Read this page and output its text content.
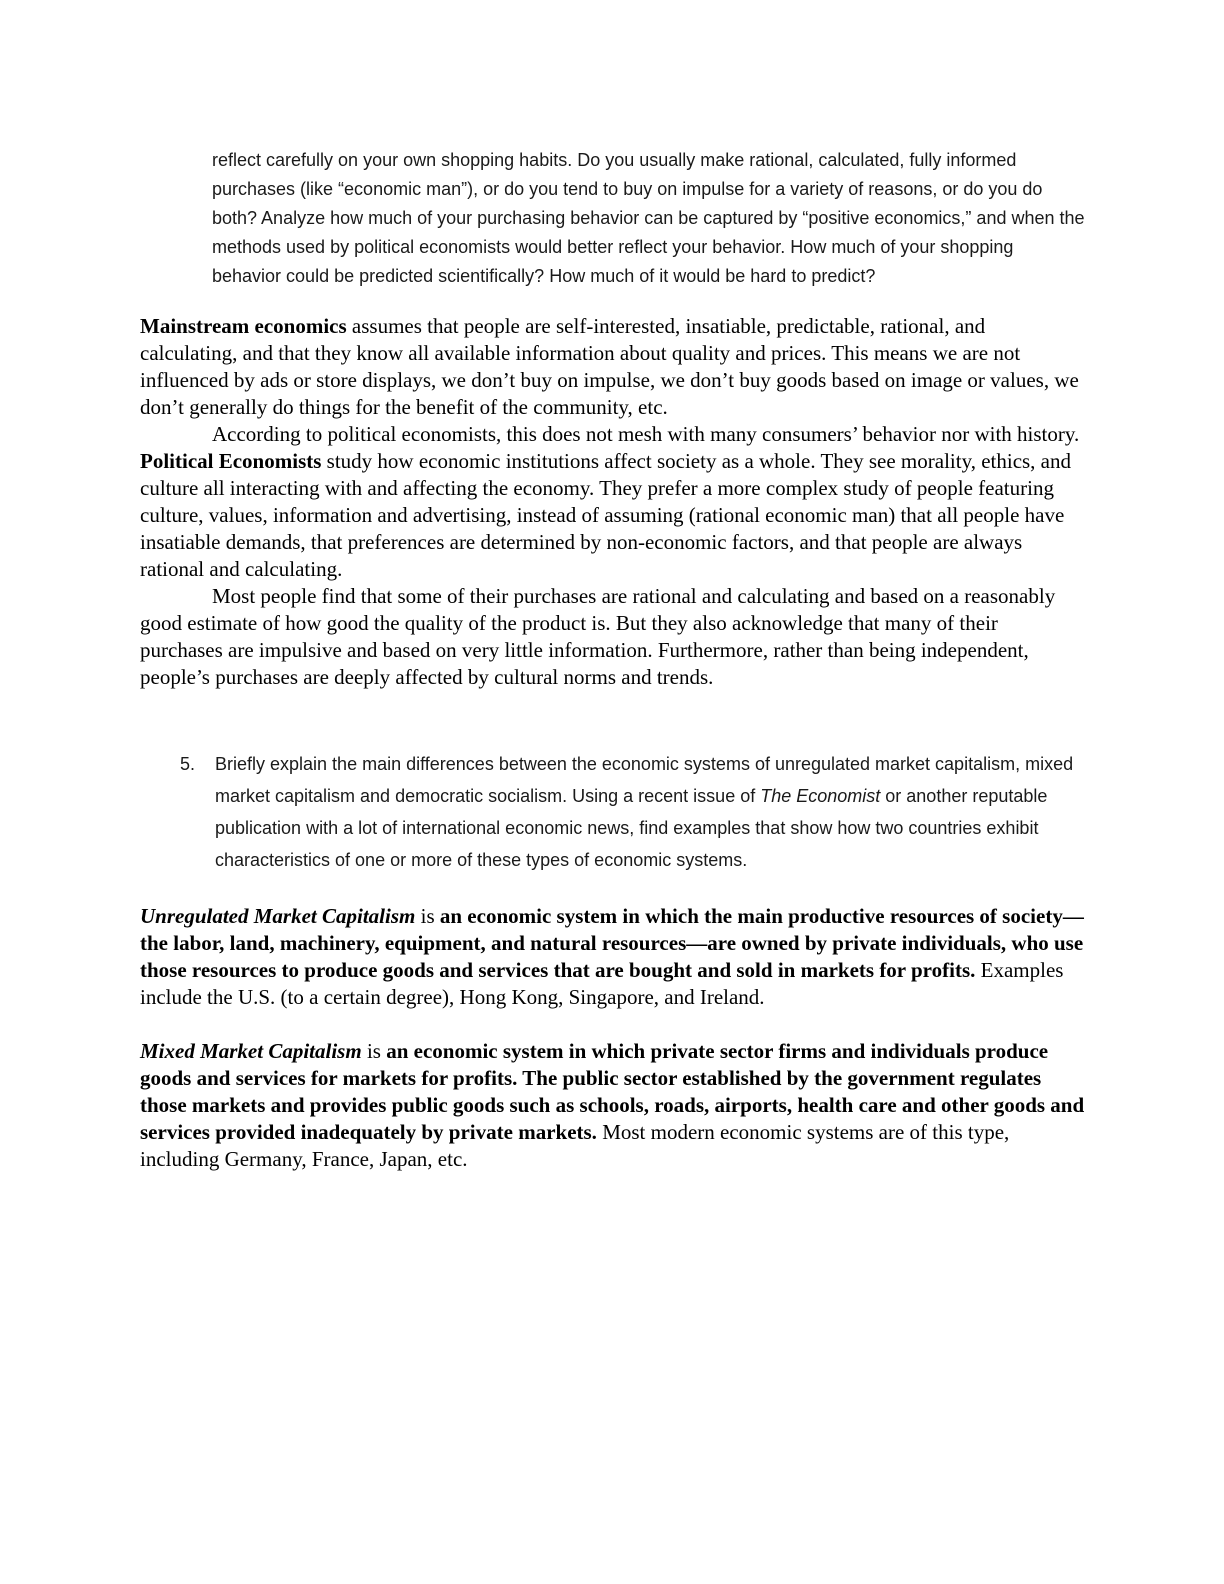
reflect carefully on your own shopping habits. Do you usually make rational, calculated, fully informed purchases (like “economic man”), or do you tend to buy on impulse for a variety of reasons, or do you do both? Analyze how much of your purchasing behavior can be captured by “positive economics,” and when the methods used by political economists would better reflect your behavior. How much of your shopping behavior could be predicted scientifically? How much of it would be hard to predict?

Mainstream economics assumes that people are self-interested, insatiable, predictable, rational, and calculating, and that they know all available information about quality and prices. This means we are not influenced by ads or store displays, we don’t buy on impulse, we don’t buy goods based on image or values, we don’t generally do things for the benefit of the community, etc.

According to political economists, this does not mesh with many consumers’ behavior nor with history. Political Economists study how economic institutions affect society as a whole. They see morality, ethics, and culture all interacting with and affecting the economy. They prefer a more complex study of people featuring culture, values, information and advertising, instead of assuming (rational economic man) that all people have insatiable demands, that preferences are determined by non-economic factors, and that people are always rational and calculating.

Most people find that some of their purchases are rational and calculating and based on a reasonably good estimate of how good the quality of the product is. But they also acknowledge that many of their purchases are impulsive and based on very little information. Furthermore, rather than being independent, people’s purchases are deeply affected by cultural norms and trends.

5.	Briefly explain the main differences between the economic systems of unregulated market capitalism, mixed market capitalism and democratic socialism. Using a recent issue of The Economist or another reputable publication with a lot of international economic news, find examples that show how two countries exhibit characteristics of one or more of these types of economic systems.

Unregulated Market Capitalism is an economic system in which the main productive resources of society—the labor, land, machinery, equipment, and natural resources—are owned by private individuals, who use those resources to produce goods and services that are bought and sold in markets for profits. Examples include the U.S. (to a certain degree), Hong Kong, Singapore, and Ireland.

Mixed Market Capitalism is an economic system in which private sector firms and individuals produce goods and services for markets for profits. The public sector established by the government regulates those markets and provides public goods such as schools, roads, airports, health care and other goods and services provided inadequately by private markets. Most modern economic systems are of this type, including Germany, France, Japan, etc.
